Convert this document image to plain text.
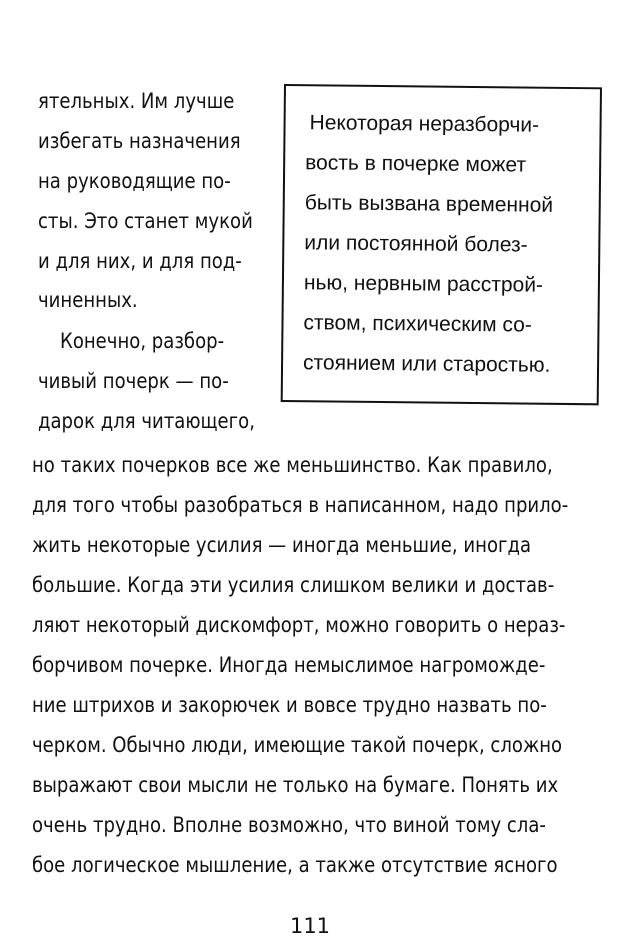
ятельных. Им лучше
избегать назначения
на руководящие по-
сты. Это станет мукой
и для них, и для под-
чиненных.
Конечно, разбор-
чивый почерк — по-
дарок для читающего,
Некоторая неразборчи-
вость в почерке может
быть вызвана временной
или постоянной болез-
нью, нервным расстрой-
ством, психическим со-
стоянием или старостью.
но таких почерков все же меньшинство. Как правило,
для того чтобы разобраться в написанном, надо прило-
жить некоторые усилия — иногда меньшие, иногда
большие. Когда эти усилия слишком велики и достав-
ляют некоторый дискомфорт, можно говорить о нераз-
борчивом почерке. Иногда немыслимое нагроможде-
ние штрихов и закорючек и вовсе трудно назвать по-
черком. Обычно люди, имеющие такой почерк, сложно
выражают свои мысли не только на бумаге. Понять их
очень трудно. Вполне возможно, что виной тому сла-
бое логическое мышление, а также отсутствие ясного
111
